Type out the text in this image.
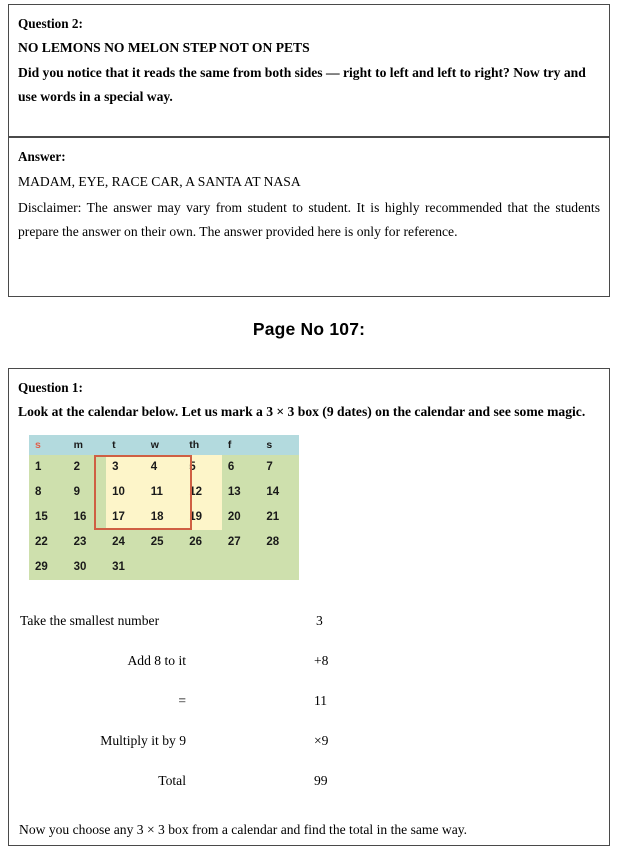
Question 2:

NO LEMONS NO MELON STEP NOT ON PETS

Did you notice that it reads the same from both sides — right to left and left to right? Now try and use words in a special way.

Answer:

MADAM, EYE, RACE CAR, A SANTA AT NASA

Disclaimer: The answer may vary from student to student. It is highly recommended that the students prepare the answer on their own. The answer provided here is only for reference.

Page No 107:

Question 1:

Look at the calendar below. Let us mark a 3 × 3 box (9 dates) on the calendar and see some magic.

s	m	t	w	th	f	s
1	2	3	4	5	6	7
8	9	10	11	12	13	14
15	16	17	18	19	20	21
22	23	24	25	26	27	28
29	30	31				
Take the smallest number	3
Add 8 to it	+8
=	11
Multiply it by 9	×9
Total	99

Now you choose any 3 × 3 box from a calendar and find the total in the same way.
